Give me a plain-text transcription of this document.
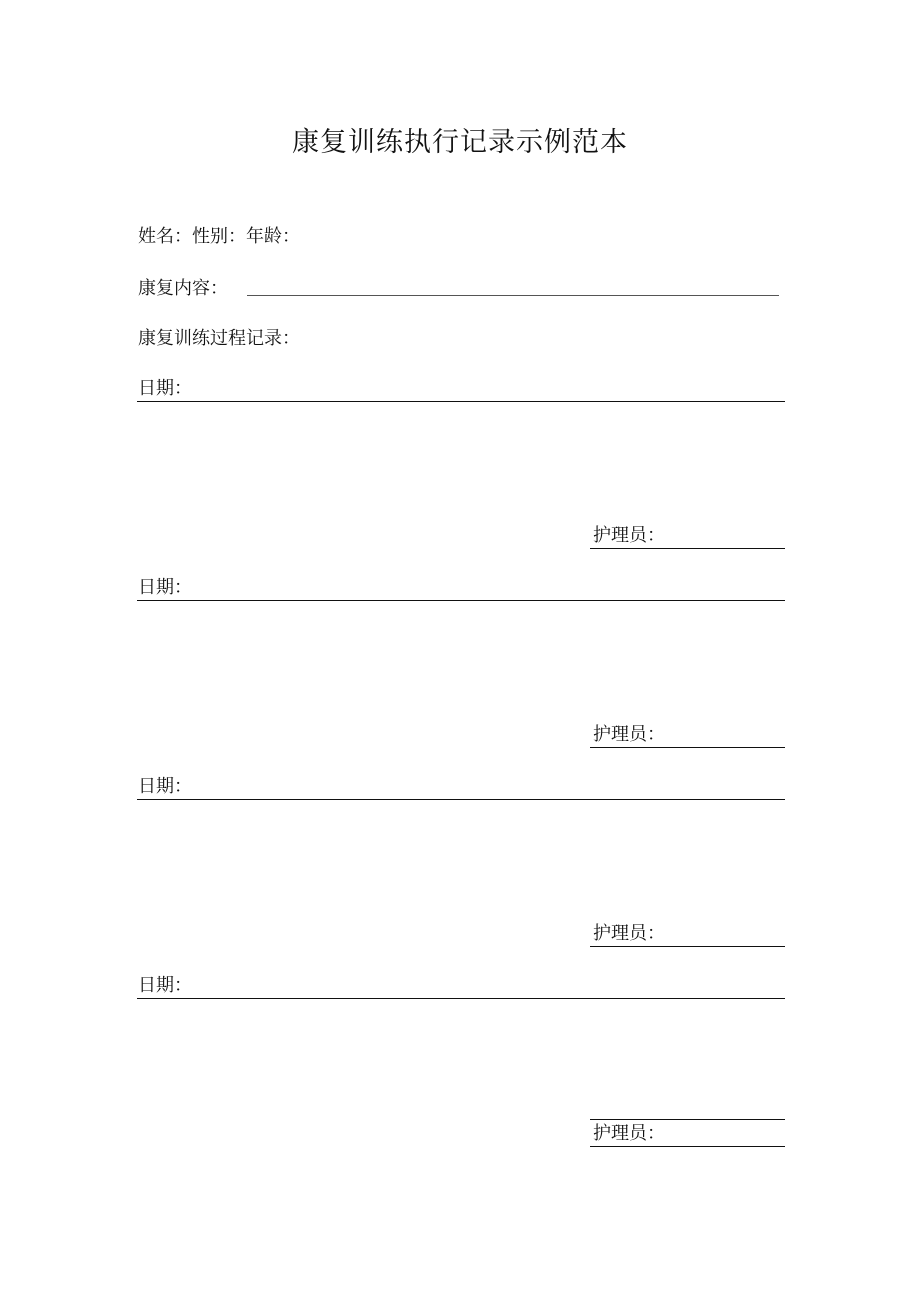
康复训练执行记录示例范本
姓名：性别：年龄：
康复内容：
康复训练过程记录：
日期：
护理员：
日期：
护理员：
日期：
护理员：
日期：
护理员：
